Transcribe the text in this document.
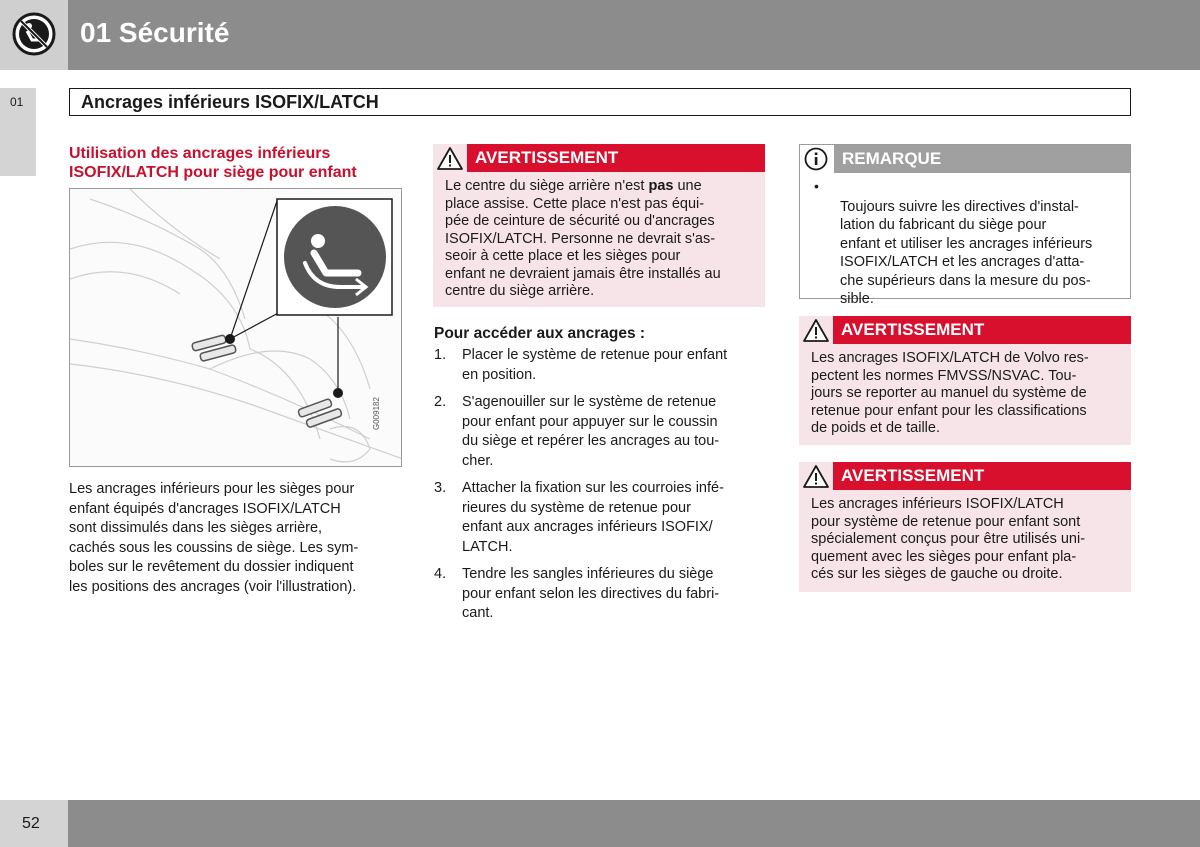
01 Sécurité
01	Ancrages inférieurs ISOFIX/LATCH
Utilisation des ancrages inférieurs ISOFIX/LATCH pour siège pour enfant
G009182
Les ancrages inférieurs pour les sièges pour
enfant équipés d'ancrages ISOFIX/LATCH
sont dissimulés dans les sièges arrière,
cachés sous les coussins de siège. Les sym-
boles sur le revêtement du dossier indiquent
les positions des ancrages (voir l'illustration).
AVERTISSEMENT
Le centre du siège arrière n'est pas une
place assise. Cette place n'est pas équi-
pée de ceinture de sécurité ou d'ancrages
ISOFIX/LATCH. Personne ne devrait s'as-
seoir à cette place et les sièges pour
enfant ne devraient jamais être installés au
centre du siège arrière.
Pour accéder aux ancrages :
1. Placer le système de retenue pour enfant
en position.
2. S'agenouiller sur le système de retenue
pour enfant pour appuyer sur le coussin
du siège et repérer les ancrages au tou-
cher.
3. Attacher la fixation sur les courroies infé-
rieures du système de retenue pour
enfant aux ancrages inférieurs ISOFIX/
LATCH.
4. Tendre les sangles inférieures du siège
pour enfant selon les directives du fabri-
cant.
REMARQUE

•
Toujours suivre les directives d'instal-
lation du fabricant du siège pour
enfant et utiliser les ancrages inférieurs
ISOFIX/LATCH et les ancrages d'atta-
che supérieurs dans la mesure du pos-
sible.

AVERTISSEMENT
Les ancrages ISOFIX/LATCH de Volvo res-
pectent les normes FMVSS/NSVAC. Tou-
jours se reporter au manuel du système de
retenue pour enfant pour les classifications
de poids et de taille.
AVERTISSEMENT
Les ancrages inférieurs ISOFIX/LATCH
pour système de retenue pour enfant sont
spécialement conçus pour être utilisés uni-
quement avec les sièges pour enfant pla-
cés sur les sièges de gauche ou droite.
52
